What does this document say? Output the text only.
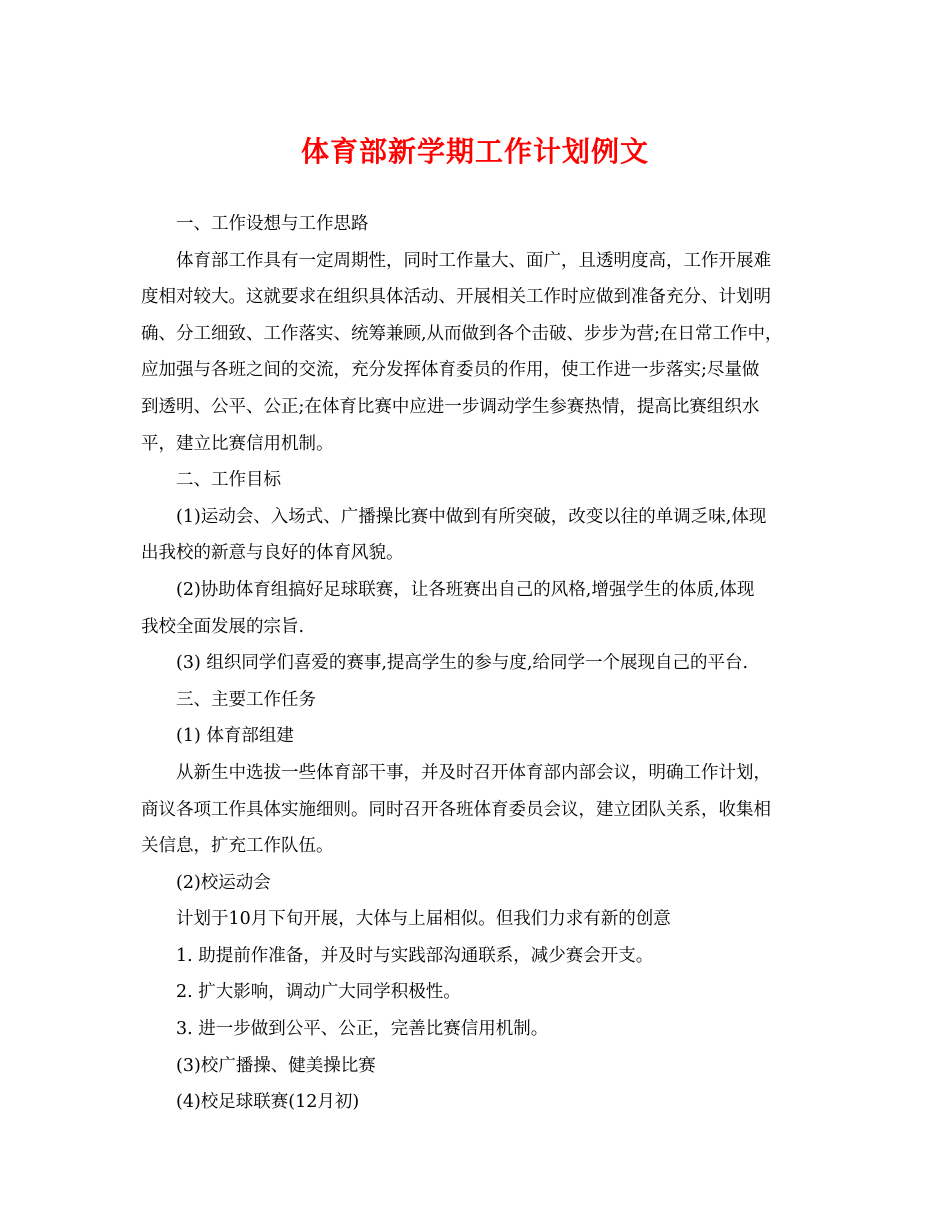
体育部新学期工作计划例文

一、工作设想与工作思路

体育部工作具有一定周期性，同时工作量大、面广，且透明度高，工作开展难
度相对较大。这就要求在组织具体活动、开展相关工作时应做到准备充分、计划明
确、分工细致、工作落实、统筹兼顾,从而做到各个击破、步步为营;在日常工作中，
应加强与各班之间的交流，充分发挥体育委员的作用，使工作进一步落实;尽量做
到透明、公平、公正;在体育比赛中应进一步调动学生参赛热情，提高比赛组织水
平，建立比赛信用机制。

二、工作目标

(1)运动会、入场式、广播操比赛中做到有所突破，改变以往的单调乏味,体现
出我校的新意与良好的体育风貌。

(2)协助体育组搞好足球联赛，让各班赛出自己的风格,增强学生的体质,体现
我校全面发展的宗旨.

(3) 组织同学们喜爱的赛事,提高学生的参与度,给同学一个展现自己的平台.

三、主要工作任务

(1) 体育部组建

从新生中选拔一些体育部干事，并及时召开体育部内部会议，明确工作计划，
商议各项工作具体实施细则。同时召开各班体育委员会议，建立团队关系，收集相
关信息，扩充工作队伍。

(2)校运动会

计划于10月下旬开展，大体与上届相似。但我们力求有新的创意

1. 助提前作准备，并及时与实践部沟通联系，减少赛会开支。

2. 扩大影响，调动广大同学积极性。

3. 进一步做到公平、公正，完善比赛信用机制。

(3)校广播操、健美操比赛

(4)校足球联赛(12月初)
